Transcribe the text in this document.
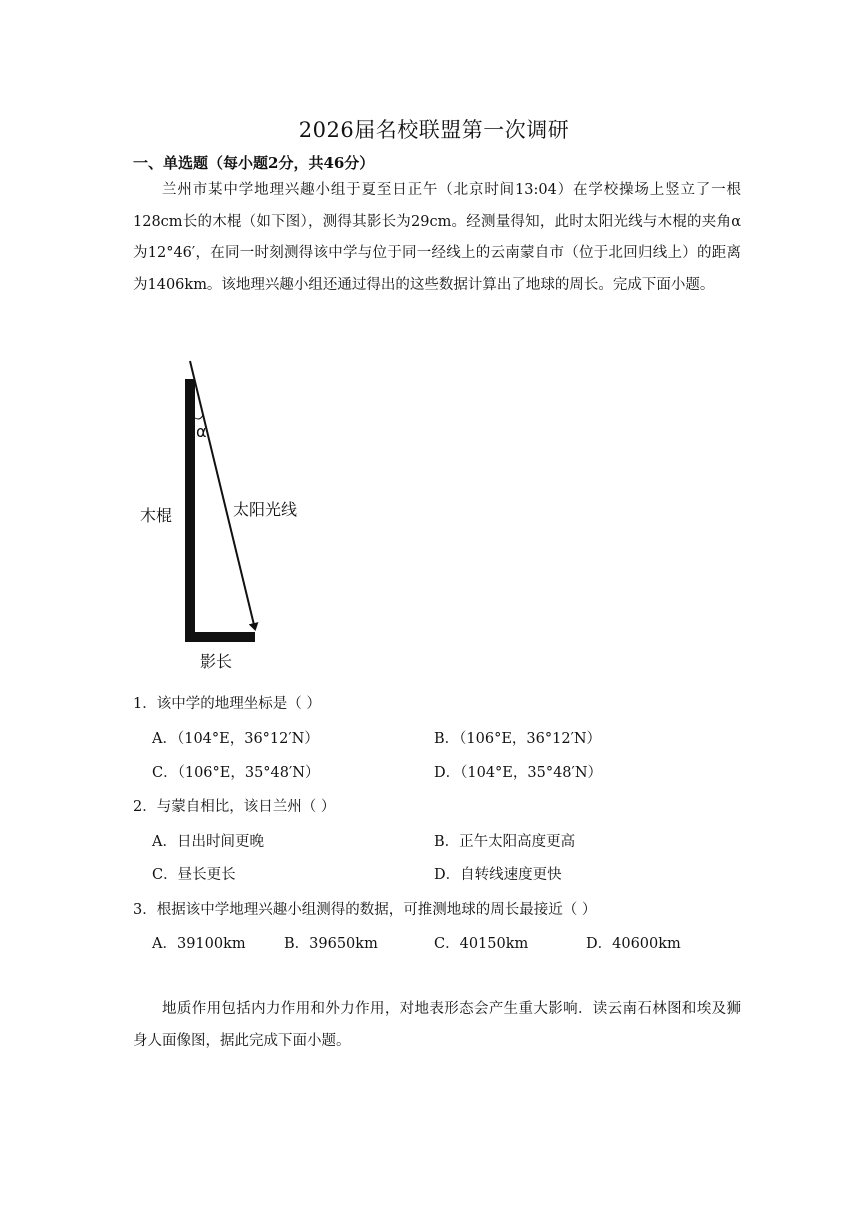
2026届名校联盟第一次调研
一、单选题（每小题2分，共46分）

兰州市某中学地理兴趣小组于夏至日正午（北京时间13:04）在学校操场上竖立了一根128cm长的木棍（如下图），测得其影长为29cm。经测量得知，此时太阳光线与木棍的夹角α为12°46′，在同一时刻测得该中学与位于同一经线上的云南蒙自市（位于北回归线上）的距离为1406km。该地理兴趣小组还通过得出的这些数据计算出了地球的周长。完成下面小题。

α
木棍	太阳光线
影长
1．该中学的地理坐标是（ ）
A．（104°E，36°12′N）	B．（106°E，36°12′N）
C．（106°E，35°48′N）	D．（104°E，35°48′N）
2．与蒙自相比，该日兰州（ ）
A．日出时间更晚	B．正午太阳高度更高
C．昼长更长	D．自转线速度更快
3．根据该中学地理兴趣小组测得的数据，可推测地球的周长最接近（ ）
A．39100km	B．39650km	C．40150km	D．40600km

地质作用包括内力作用和外力作用，对地表形态会产生重大影响．读云南石林图和埃及狮身人面像图，据此完成下面小题。
